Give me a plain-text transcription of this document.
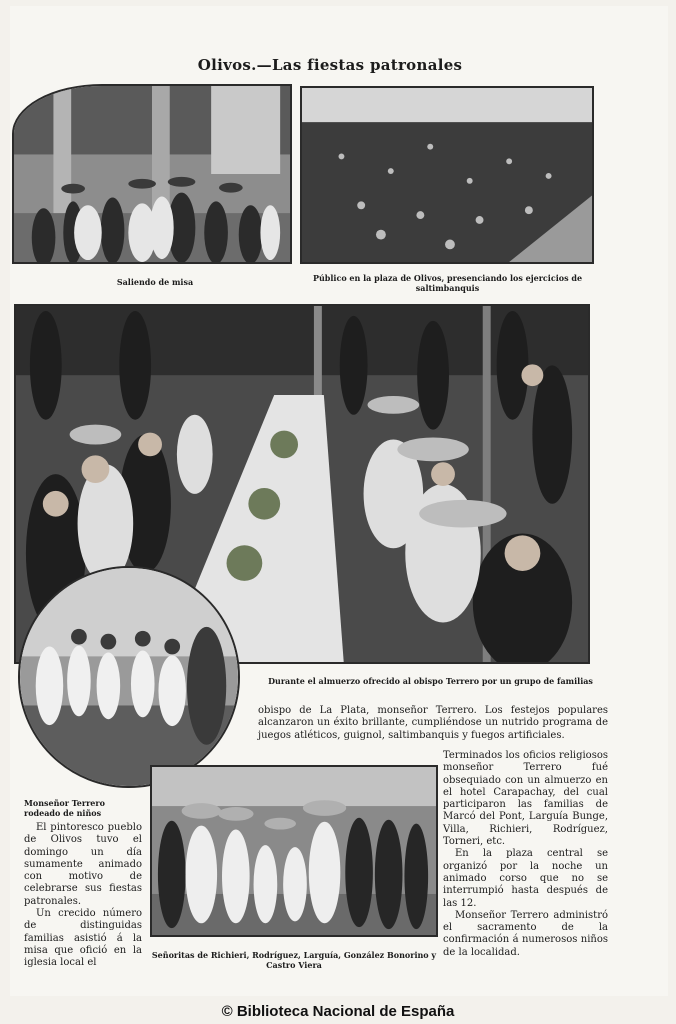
Olivos.—Las fiestas patronales
Saliendo de misa	Público en la plaza de Olivos, presenciando los ejercicios de saltimbanquis
Durante el almuerzo ofrecido al obispo Terrero por un grupo de familias

obispo de La Plata, monseñor Terrero. Los festejos populares alcanzaron un éxito brillante, cumpliéndose un nutrido programa de juegos atléticos, guignol, saltimbanquis y fuegos artificiales.

Terminados los oficios religiosos monseñor Terrero fué obsequiado con un almuerzo en el hotel Carapachay, del cual participaron las familias de Marcó del Pont, Larguía Bunge, Villa, Richieri, Rodríguez, Torneri, etc.

En la plaza central se organizó por la noche un animado corso que no se interrumpió hasta después de las 12.

Monseñor Terrero administró el sacramento de la confirmación á numerosos niños de la localidad.

Señoritas de Richieri, Rodríguez, Larguía, González Bonorino y Castro Viera
Monseñor Terrero rodeado de niños

El pintoresco pueblo de Olivos tuvo el domingo un día sumamente animado con motivo de celebrarse sus fiestas patronales.

Un crecido número de distinguidas familias asistió á la misa que ofició en la iglesia local el

© Biblioteca Nacional de España
